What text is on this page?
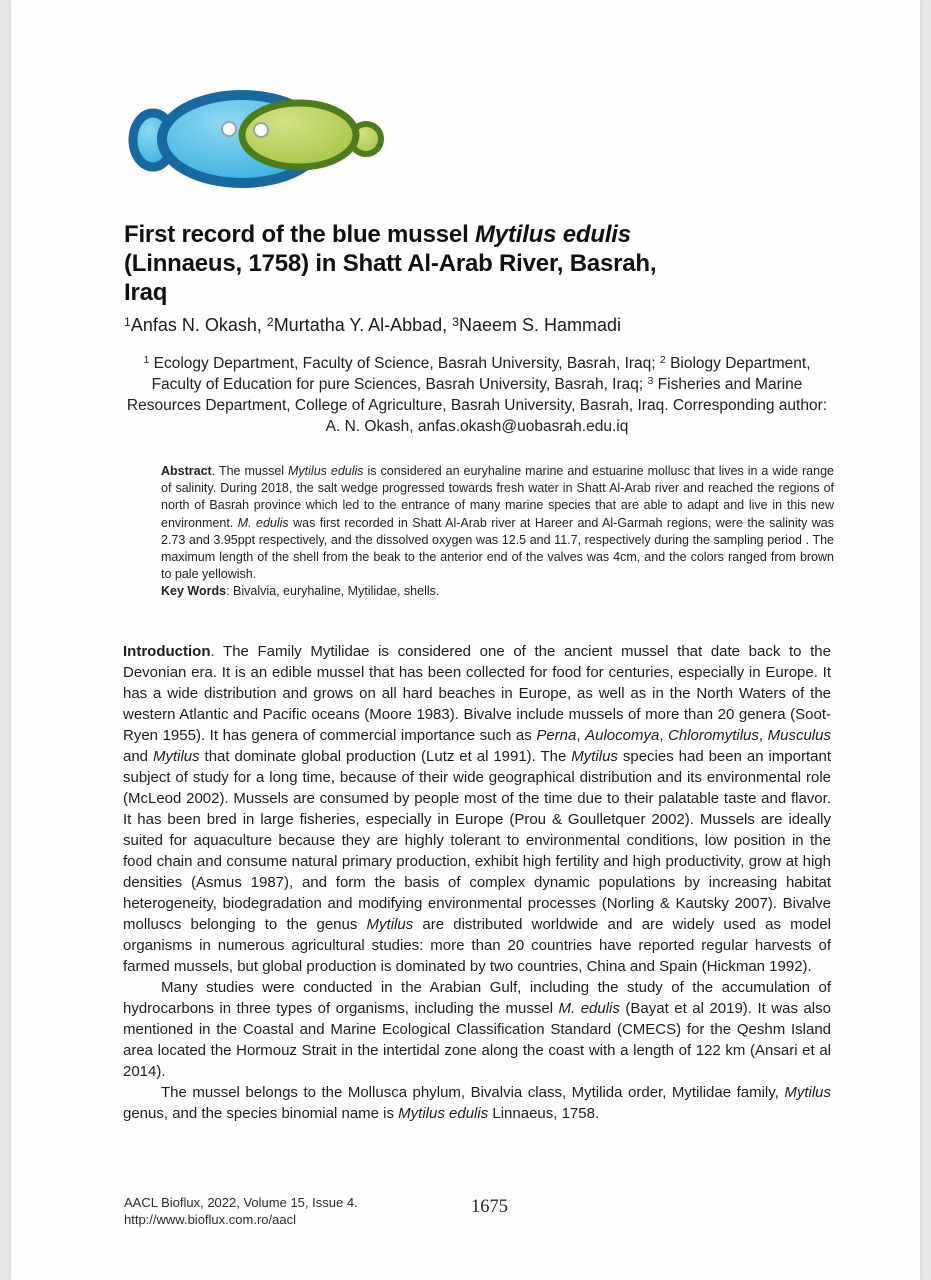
First record of the blue mussel Mytilus edulis
(Linnaeus, 1758) in Shatt Al-Arab River, Basrah,
Iraq
$^1$Anfas N. Okash, $^2$Murtatha Y. Al-Abbad, $^3$Naeem S. Hammadi
$^1$ Ecology Department, Faculty of Science, Basrah University, Basrah, Iraq; $^2$ Biology Department, Faculty of Education for pure Sciences, Basrah University, Basrah, Iraq; $^3$ Fisheries and Marine Resources Department, College of Agriculture, Basrah University, Basrah, Iraq. Corresponding author: A. N. Okash, anfas.okash@uobasrah.edu.iq

Abstract. The mussel Mytilus edulis is considered an euryhaline marine and estuarine mollusc that lives in a wide range of salinity. During 2018, the salt wedge progressed towards fresh water in Shatt Al-Arab river and reached the regions of north of Basrah province which led to the entrance of many marine species that are able to adapt and live in this new environment. M. edulis was first recorded in Shatt Al-Arab river at Hareer and Al-Garmah regions, were the salinity was 2.73 and 3.95ppt respectively, and the dissolved oxygen was 12.5 and 11.7, respectively during the sampling period . The maximum length of the shell from the beak to the anterior end of the valves was 4cm, and the colors ranged from brown to pale yellowish.

Key Words: Bivalvia, euryhaline, Mytilidae, shells.

Introduction. The Family Mytilidae is considered one of the ancient mussel that date back to the Devonian era. It is an edible mussel that has been collected for food for centuries, especially in Europe. It has a wide distribution and grows on all hard beaches in Europe, as well as in the North Waters of the western Atlantic and Pacific oceans (Moore 1983). Bivalve include mussels of more than 20 genera (Soot-Ryen 1955). It has genera of commercial importance such as Perna, Aulocomya, Chloromytilus, Musculus and Mytilus that dominate global production (Lutz et al 1991). The Mytilus species had been an important subject of study for a long time, because of their wide geographical distribution and its environmental role (McLeod 2002). Mussels are consumed by people most of the time due to their palatable taste and flavor. It has been bred in large fisheries, especially in Europe (Prou & Goulletquer 2002). Mussels are ideally suited for aquaculture because they are highly tolerant to environmental conditions, low position in the food chain and consume natural primary production, exhibit high fertility and high productivity, grow at high densities (Asmus 1987), and form the basis of complex dynamic populations by increasing habitat heterogeneity, biodegradation and modifying environmental processes (Norling & Kautsky 2007). Bivalve molluscs belonging to the genus Mytilus are distributed worldwide and are widely used as model organisms in numerous agricultural studies: more than 20 countries have reported regular harvests of farmed mussels, but global production is dominated by two countries, China and Spain (Hickman 1992).

Many studies were conducted in the Arabian Gulf, including the study of the accumulation of hydrocarbons in three types of organisms, including the mussel M. edulis (Bayat et al 2019). It was also mentioned in the Coastal and Marine Ecological Classification Standard (CMECS) for the Qeshm Island area located the Hormouz Strait in the intertidal zone along the coast with a length of 122 km (Ansari et al 2014).

The mussel belongs to the Mollusca phylum, Bivalvia class, Mytilida order, Mytilidae family, Mytilus genus, and the species binomial name is Mytilus edulis Linnaeus, 1758.

AACL Bioflux, 2022, Volume 15, Issue 4.
http://www.bioflux.com.ro/aacl
1675
